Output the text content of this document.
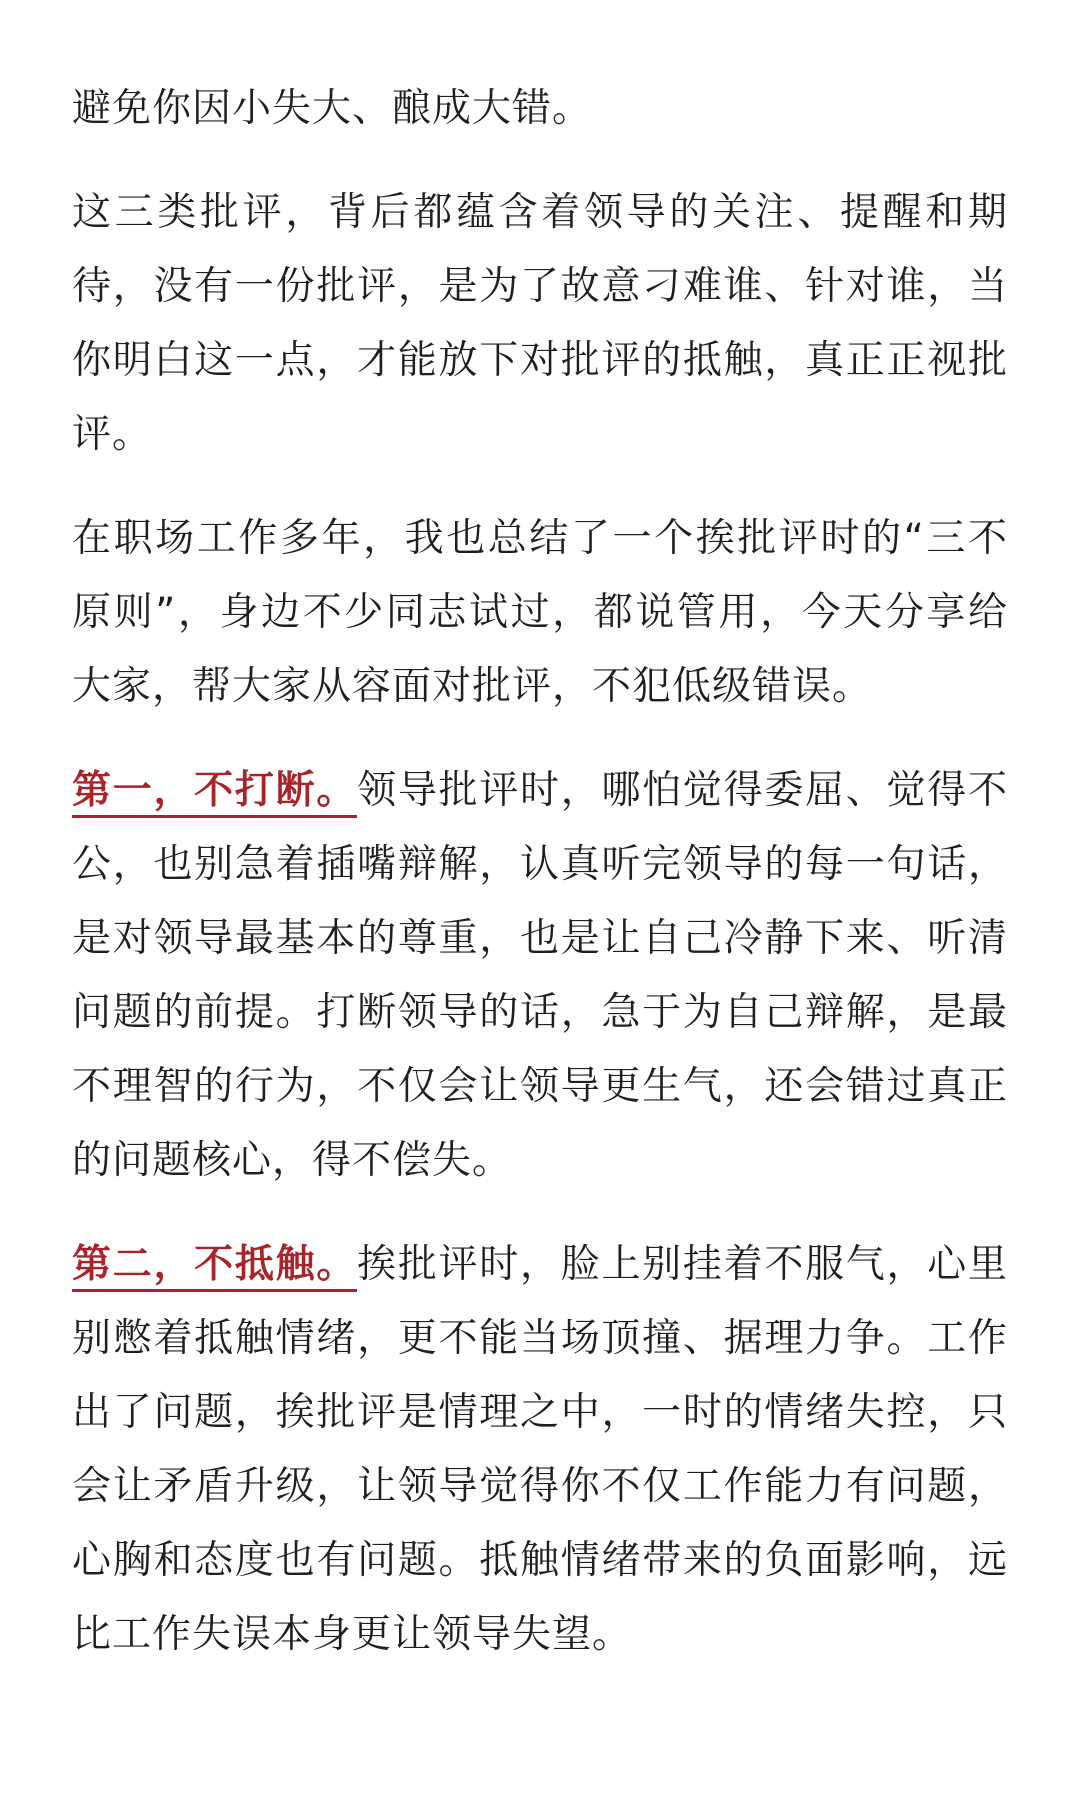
避免你因小失大、酿成大错。

这三类批评，背后都蕴含着领导的关注、提醒和期待，没有一份批评，是为了故意刁难谁、针对谁，当你明白这一点，才能放下对批评的抵触，真正正视批评。

在职场工作多年，我也总结了一个挨批评时的“三不原则”，身边不少同志试过，都说管用，今天分享给大家，帮大家从容面对批评，不犯低级错误。

第一，不打断。领导批评时，哪怕觉得委屈、觉得不公，也别急着插嘴辩解，认真听完领导的每一句话，是对领导最基本的尊重，也是让自己冷静下来、听清问题的前提。打断领导的话，急于为自己辩解，是最不理智的行为，不仅会让领导更生气，还会错过真正的问题核心，得不偿失。

第二，不抵触。挨批评时，脸上别挂着不服气，心里别憋着抵触情绪，更不能当场顶撞、据理力争。工作出了问题，挨批评是情理之中，一时的情绪失控，只会让矛盾升级，让领导觉得你不仅工作能力有问题，心胸和态度也有问题。抵触情绪带来的负面影响，远比工作失误本身更让领导失望。
